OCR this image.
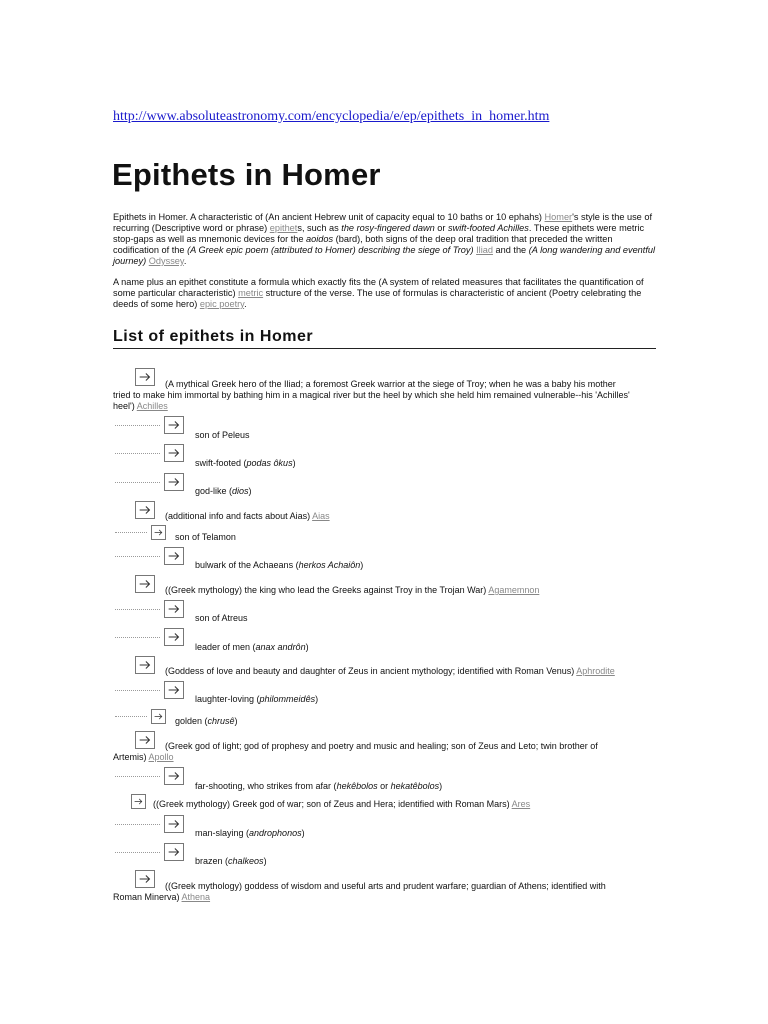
http://www.absoluteastronomy.com/encyclopedia/e/ep/epithets_in_homer.htm
Epithets in Homer

Epithets in Homer. A characteristic of (An ancient Hebrew unit of capacity equal to 10 baths or 10 ephahs) Homer's style is the use of recurring (Descriptive word or phrase) epithets, such as the rosy-fingered dawn or swift-footed Achilles. These epithets were metric stop-gaps as well as mnemonic devices for the aoidos (bard), both signs of the deep oral tradition that preceded the written codification of the (A Greek epic poem (attributed to Homer) describing the siege of Troy) Iliad and the (A long wandering and eventful journey) Odyssey.

A name plus an epithet constitute a formula which exactly fits the (A system of related measures that facilitates the quantification of some particular characteristic) metric structure of the verse. The use of formulas is characteristic of ancient (Poetry celebrating the deeds of some hero) epic poetry.

List of epithets in Homer
(A mythical Greek hero of the Iliad; a foremost Greek warrior at the siege of Troy; when he was a baby his mother tried to make him immortal by bathing him in a magical river but the heel by which she held him remained vulnerable--his 'Achilles' heel') Achilles
son of Peleus
swift-footed (podas ôkus)
god-like (dios)
(additional info and facts about Aias) Aias
son of Telamon
bulwark of the Achaeans (herkos Achaiôn)
((Greek mythology) the king who lead the Greeks against Troy in the Trojan War) Agamemnon
son of Atreus
leader of men (anax andrôn)
(Goddess of love and beauty and daughter of Zeus in ancient mythology; identified with Roman Venus) Aphrodite
laughter-loving (philommeidês)
golden (chrusê)
(Greek god of light; god of prophesy and poetry and music and healing; son of Zeus and Leto; twin brother of Artemis) Apollo
far-shooting, who strikes from afar (hekêbolos or hekatêbolos)
((Greek mythology) Greek god of war; son of Zeus and Hera; identified with Roman Mars) Ares
man-slaying (androphonos)
brazen (chalkeos)
((Greek mythology) goddess of wisdom and useful arts and prudent warfare; guardian of Athens; identified with Roman Minerva) Athena
